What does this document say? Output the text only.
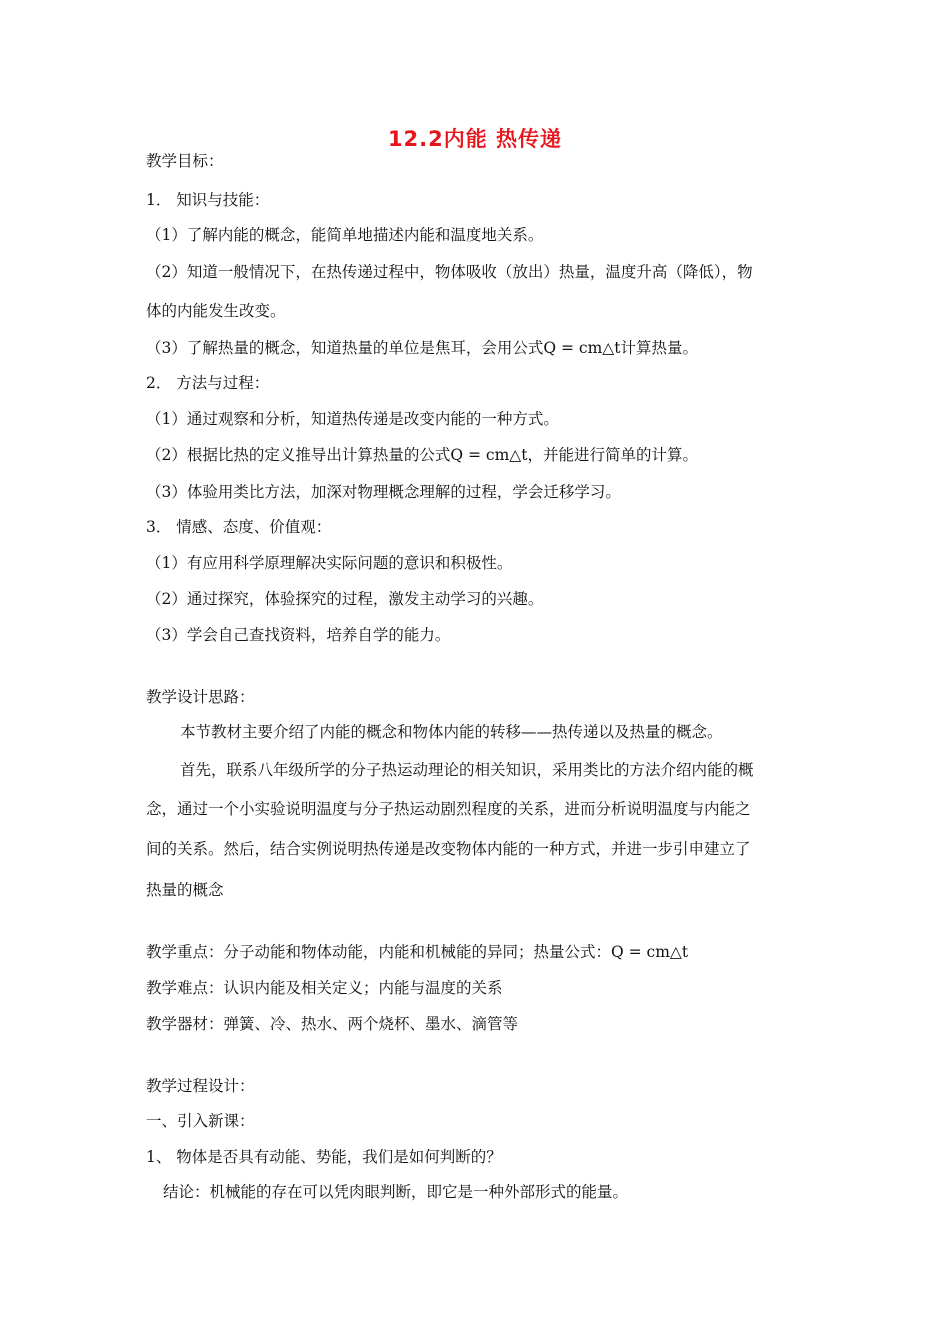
12.2内能 热传递
教学目标：
1． 知识与技能：
（1）了解内能的概念，能简单地描述内能和温度地关系。
（2）知道一般情况下，在热传递过程中，物体吸收（放出）热量，温度升高（降低），物
体的内能发生改变。
（3）了解热量的概念，知道热量的单位是焦耳，会用公式Q = cm△t计算热量。
2． 方法与过程：
（1）通过观察和分析，知道热传递是改变内能的一种方式。
（2）根据比热的定义推导出计算热量的公式Q = cm△t，并能进行简单的计算。
（3）体验用类比方法，加深对物理概念理解的过程，学会迁移学习。
3． 情感、态度、价值观：
（1）有应用科学原理解决实际问题的意识和积极性。
（2）通过探究，体验探究的过程，激发主动学习的兴趣。
（3）学会自己查找资料，培养自学的能力。
教学设计思路：
本节教材主要介绍了内能的概念和物体内能的转移——热传递以及热量的概念。
首先，联系八年级所学的分子热运动理论的相关知识，采用类比的方法介绍内能的概
念，通过一个小实验说明温度与分子热运动剧烈程度的关系，进而分析说明温度与内能之
间的关系。然后，结合实例说明热传递是改变物体内能的一种方式，并进一步引申建立了
热量的概念
教学重点：分子动能和物体动能，内能和机械能的异同；热量公式：Q = cm△t
教学难点：认识内能及相关定义；内能与温度的关系
教学器材：弹簧、冷、热水、两个烧杯、墨水、滴管等
教学过程设计：
一、引入新课：
1、 物体是否具有动能、势能，我们是如何判断的？
结论：机械能的存在可以凭肉眼判断，即它是一种外部形式的能量。
